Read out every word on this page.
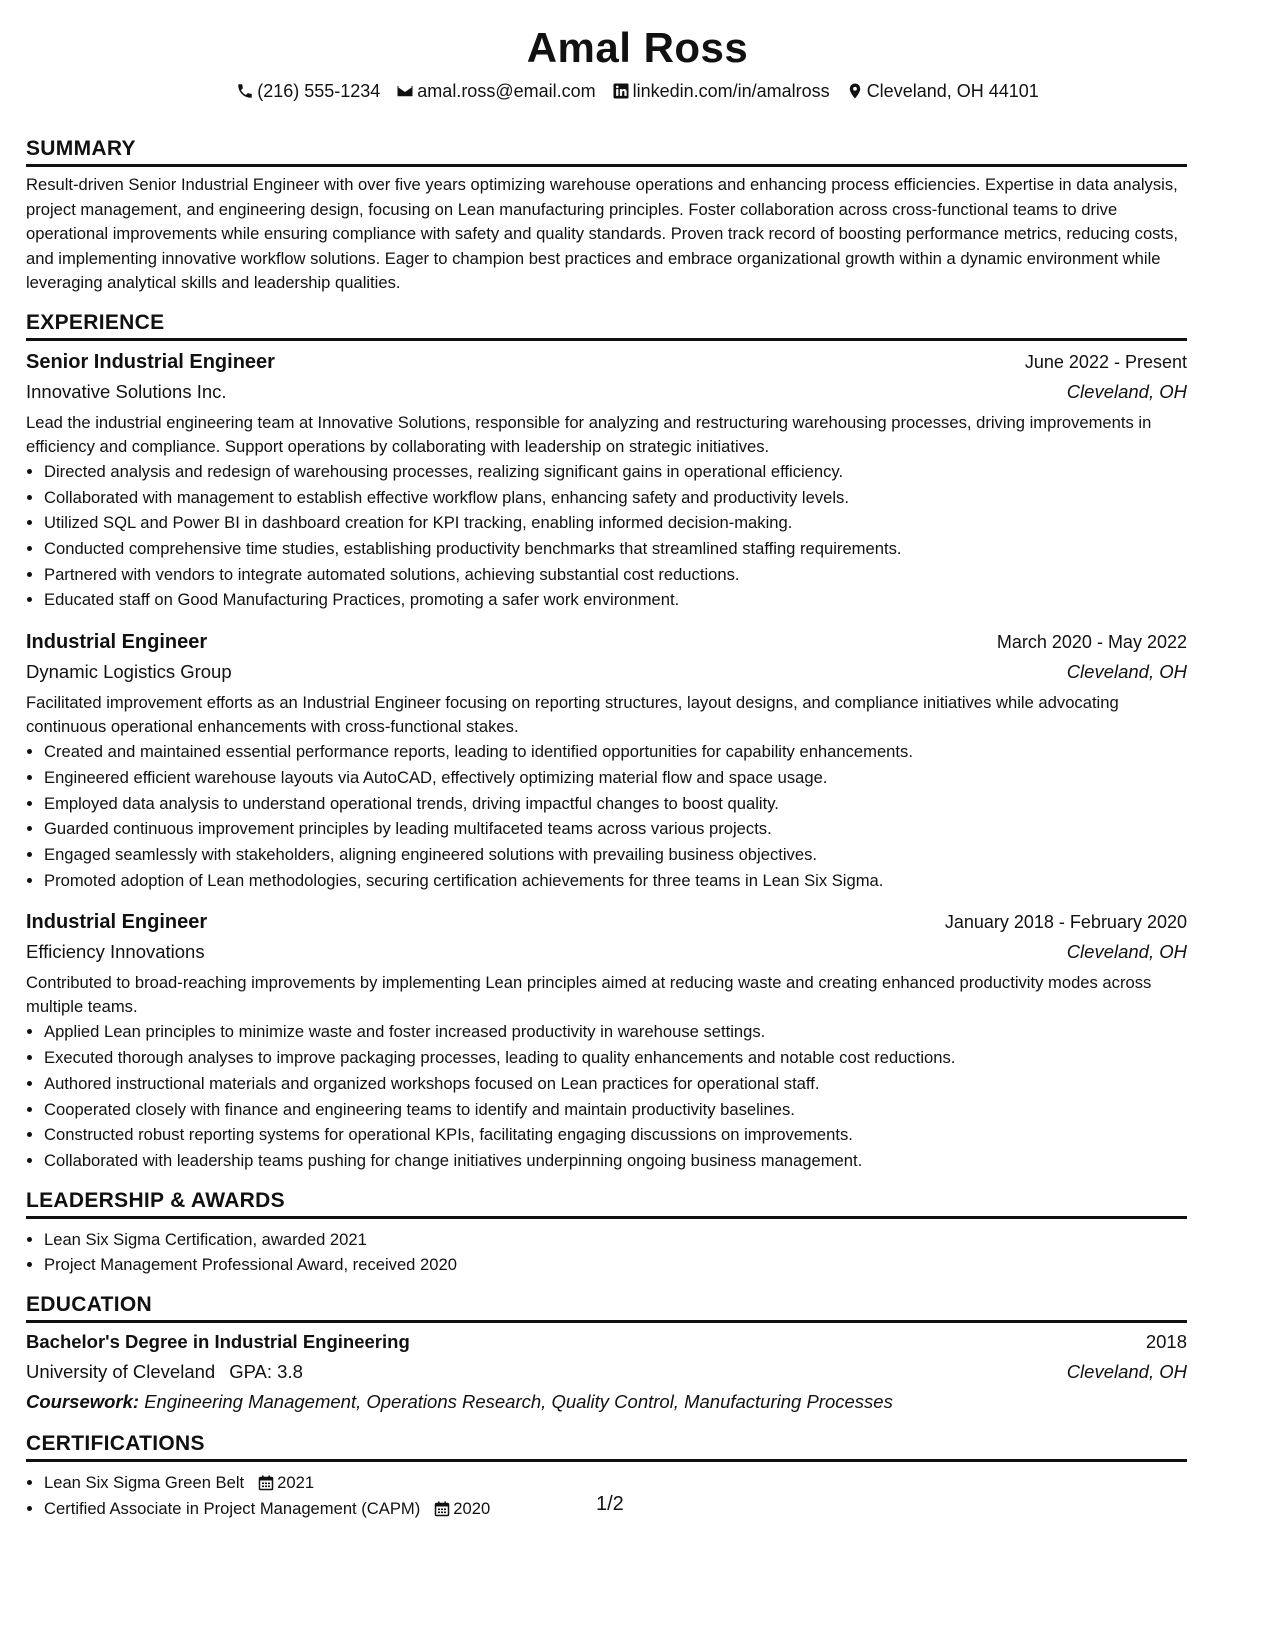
Amal Ross
(216) 555-1234 amal.ross@email.com linkedin.com/in/amalross Cleveland, OH 44101
SUMMARY

Result-driven Senior Industrial Engineer with over five years optimizing warehouse operations and enhancing process efficiencies. Expertise in data analysis, project management, and engineering design, focusing on Lean manufacturing principles. Foster collaboration across cross-functional teams to drive operational improvements while ensuring compliance with safety and quality standards. Proven track record of boosting performance metrics, reducing costs, and implementing innovative workflow solutions. Eager to champion best practices and embrace organizational growth within a dynamic environment while leveraging analytical skills and leadership qualities.

EXPERIENCE
Senior Industrial Engineer	June 2022 - Present
Innovative Solutions Inc.	Cleveland, OH
Lead the industrial engineering team at Innovative Solutions, responsible for analyzing and restructuring warehousing processes, driving improvements in efficiency and compliance. Support operations by collaborating with leadership on strategic initiatives.
• Directed analysis and redesign of warehousing processes, realizing significant gains in operational efficiency.
• Collaborated with management to establish effective workflow plans, enhancing safety and productivity levels.
• Utilized SQL and Power BI in dashboard creation for KPI tracking, enabling informed decision-making.
• Conducted comprehensive time studies, establishing productivity benchmarks that streamlined staffing requirements.
• Partnered with vendors to integrate automated solutions, achieving substantial cost reductions.
• Educated staff on Good Manufacturing Practices, promoting a safer work environment.
Industrial Engineer	March 2020 - May 2022
Dynamic Logistics Group	Cleveland, OH
Facilitated improvement efforts as an Industrial Engineer focusing on reporting structures, layout designs, and compliance initiatives while advocating continuous operational enhancements with cross-functional stakes.
• Created and maintained essential performance reports, leading to identified opportunities for capability enhancements.
• Engineered efficient warehouse layouts via AutoCAD, effectively optimizing material flow and space usage.
• Employed data analysis to understand operational trends, driving impactful changes to boost quality.
• Guarded continuous improvement principles by leading multifaceted teams across various projects.
• Engaged seamlessly with stakeholders, aligning engineered solutions with prevailing business objectives.
• Promoted adoption of Lean methodologies, securing certification achievements for three teams in Lean Six Sigma.
Industrial Engineer	January 2018 - February 2020
Efficiency Innovations	Cleveland, OH
Contributed to broad-reaching improvements by implementing Lean principles aimed at reducing waste and creating enhanced productivity modes across multiple teams.
• Applied Lean principles to minimize waste and foster increased productivity in warehouse settings.
• Executed thorough analyses to improve packaging processes, leading to quality enhancements and notable cost reductions.
• Authored instructional materials and organized workshops focused on Lean practices for operational staff.
• Cooperated closely with finance and engineering teams to identify and maintain productivity baselines.
• Constructed robust reporting systems for operational KPIs, facilitating engaging discussions on improvements.
• Collaborated with leadership teams pushing for change initiatives underpinning ongoing business management.
LEADERSHIP & AWARDS
• Lean Six Sigma Certification, awarded 2021
• Project Management Professional Award, received 2020
EDUCATION
Bachelor's Degree in Industrial Engineering	2018
University of Cleveland GPA: 3.8	Cleveland, OH
Coursework: Engineering Management, Operations Research, Quality Control, Manufacturing Processes
CERTIFICATIONS
• Lean Six Sigma Green Belt 2021
• Certified Associate in Project Management (CAPM) 2020	1/2
